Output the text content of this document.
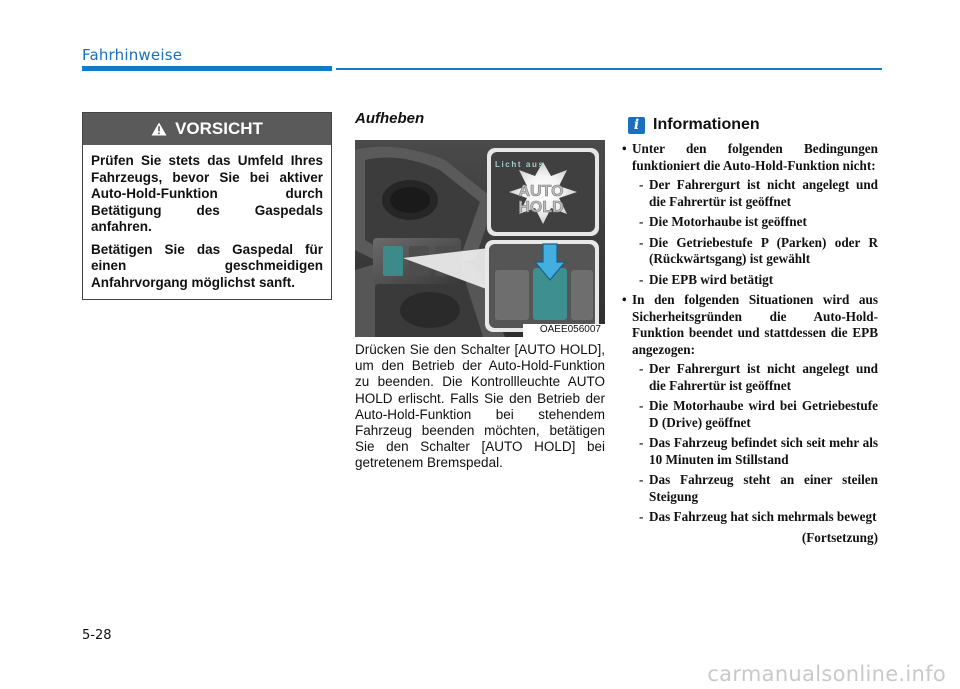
Fahrhinweise
VORSICHT

Prüfen Sie stets das Umfeld Ihres Fahrzeugs, bevor Sie bei aktiver Auto-Hold-Funktion durch Betätigung des Gaspedals anfahren.

Betätigen Sie das Gaspedal für einen geschmeidigen Anfahrvorgang möglichst sanft.

Aufheben
Licht aus
AUTO
HOLD
OAEE056007

Drücken Sie den Schalter [AUTO HOLD], um den Betrieb der Auto-Hold-Funktion zu beenden. Die Kontrollleuchte AUTO HOLD erlischt. Falls Sie den Betrieb der Auto-Hold-Funktion bei stehendem Fahrzeug beenden möchten, betätigen Sie den Schalter [AUTO HOLD] bei getretenem Bremspedal.

i Informationen

• Unter den folgenden Bedingungen funktioniert die Auto-Hold-Funktion nicht:

- Der Fahrergurt ist nicht angelegt und die Fahrertür ist geöffnet

- Die Motorhaube ist geöffnet

- Die Getriebestufe P (Parken) oder R (Rückwärtsgang) ist gewählt

- Die EPB wird betätigt

• In den folgenden Situationen wird aus Sicherheitsgründen die Auto-Hold-Funktion beendet und stattdessen die EPB angezogen:

- Der Fahrergurt ist nicht angelegt und die Fahrertür ist geöffnet

- Die Motorhaube wird bei Getriebestufe D (Drive) geöffnet

- Das Fahrzeug befindet sich seit mehr als 10 Minuten im Stillstand

- Das Fahrzeug steht an einer steilen Steigung

- Das Fahrzeug hat sich mehrmals bewegt

(Fortsetzung)
5-28
carmanualsonline.info
